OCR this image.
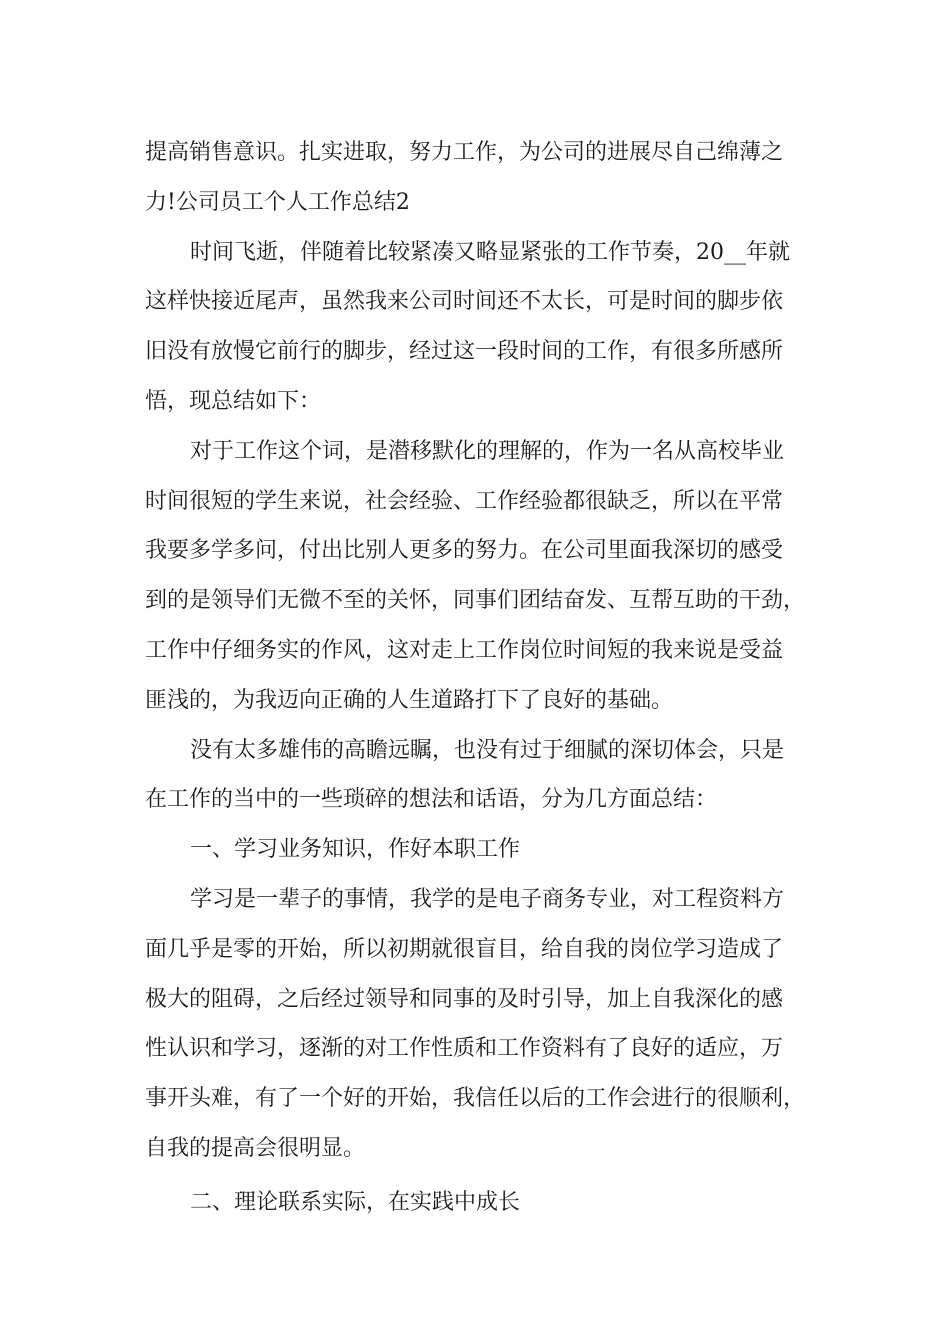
提高销售意识。扎实进取，努力工作，为公司的进展尽自己绵薄之
力!公司员工个人工作总结2
时间飞逝，伴随着比较紧凑又略显紧张的工作节奏，20__年就
这样快接近尾声，虽然我来公司时间还不太长，可是时间的脚步依
旧没有放慢它前行的脚步，经过这一段时间的工作，有很多所感所
悟，现总结如下：
对于工作这个词，是潜移默化的理解的，作为一名从高校毕业
时间很短的学生来说，社会经验、工作经验都很缺乏，所以在平常
我要多学多问，付出比别人更多的努力。在公司里面我深切的感受
到的是领导们无微不至的关怀，同事们团结奋发、互帮互助的干劲，
工作中仔细务实的作风，这对走上工作岗位时间短的我来说是受益
匪浅的，为我迈向正确的人生道路打下了良好的基础。
没有太多雄伟的高瞻远瞩，也没有过于细腻的深切体会，只是
在工作的当中的一些琐碎的想法和话语，分为几方面总结：
一、学习业务知识，作好本职工作
学习是一辈子的事情，我学的是电子商务专业，对工程资料方
面几乎是零的开始，所以初期就很盲目，给自我的岗位学习造成了
极大的阻碍，之后经过领导和同事的及时引导，加上自我深化的感
性认识和学习，逐渐的对工作性质和工作资料有了良好的适应，万
事开头难，有了一个好的开始，我信任以后的工作会进行的很顺利，
自我的提高会很明显。
二、理论联系实际，在实践中成长
